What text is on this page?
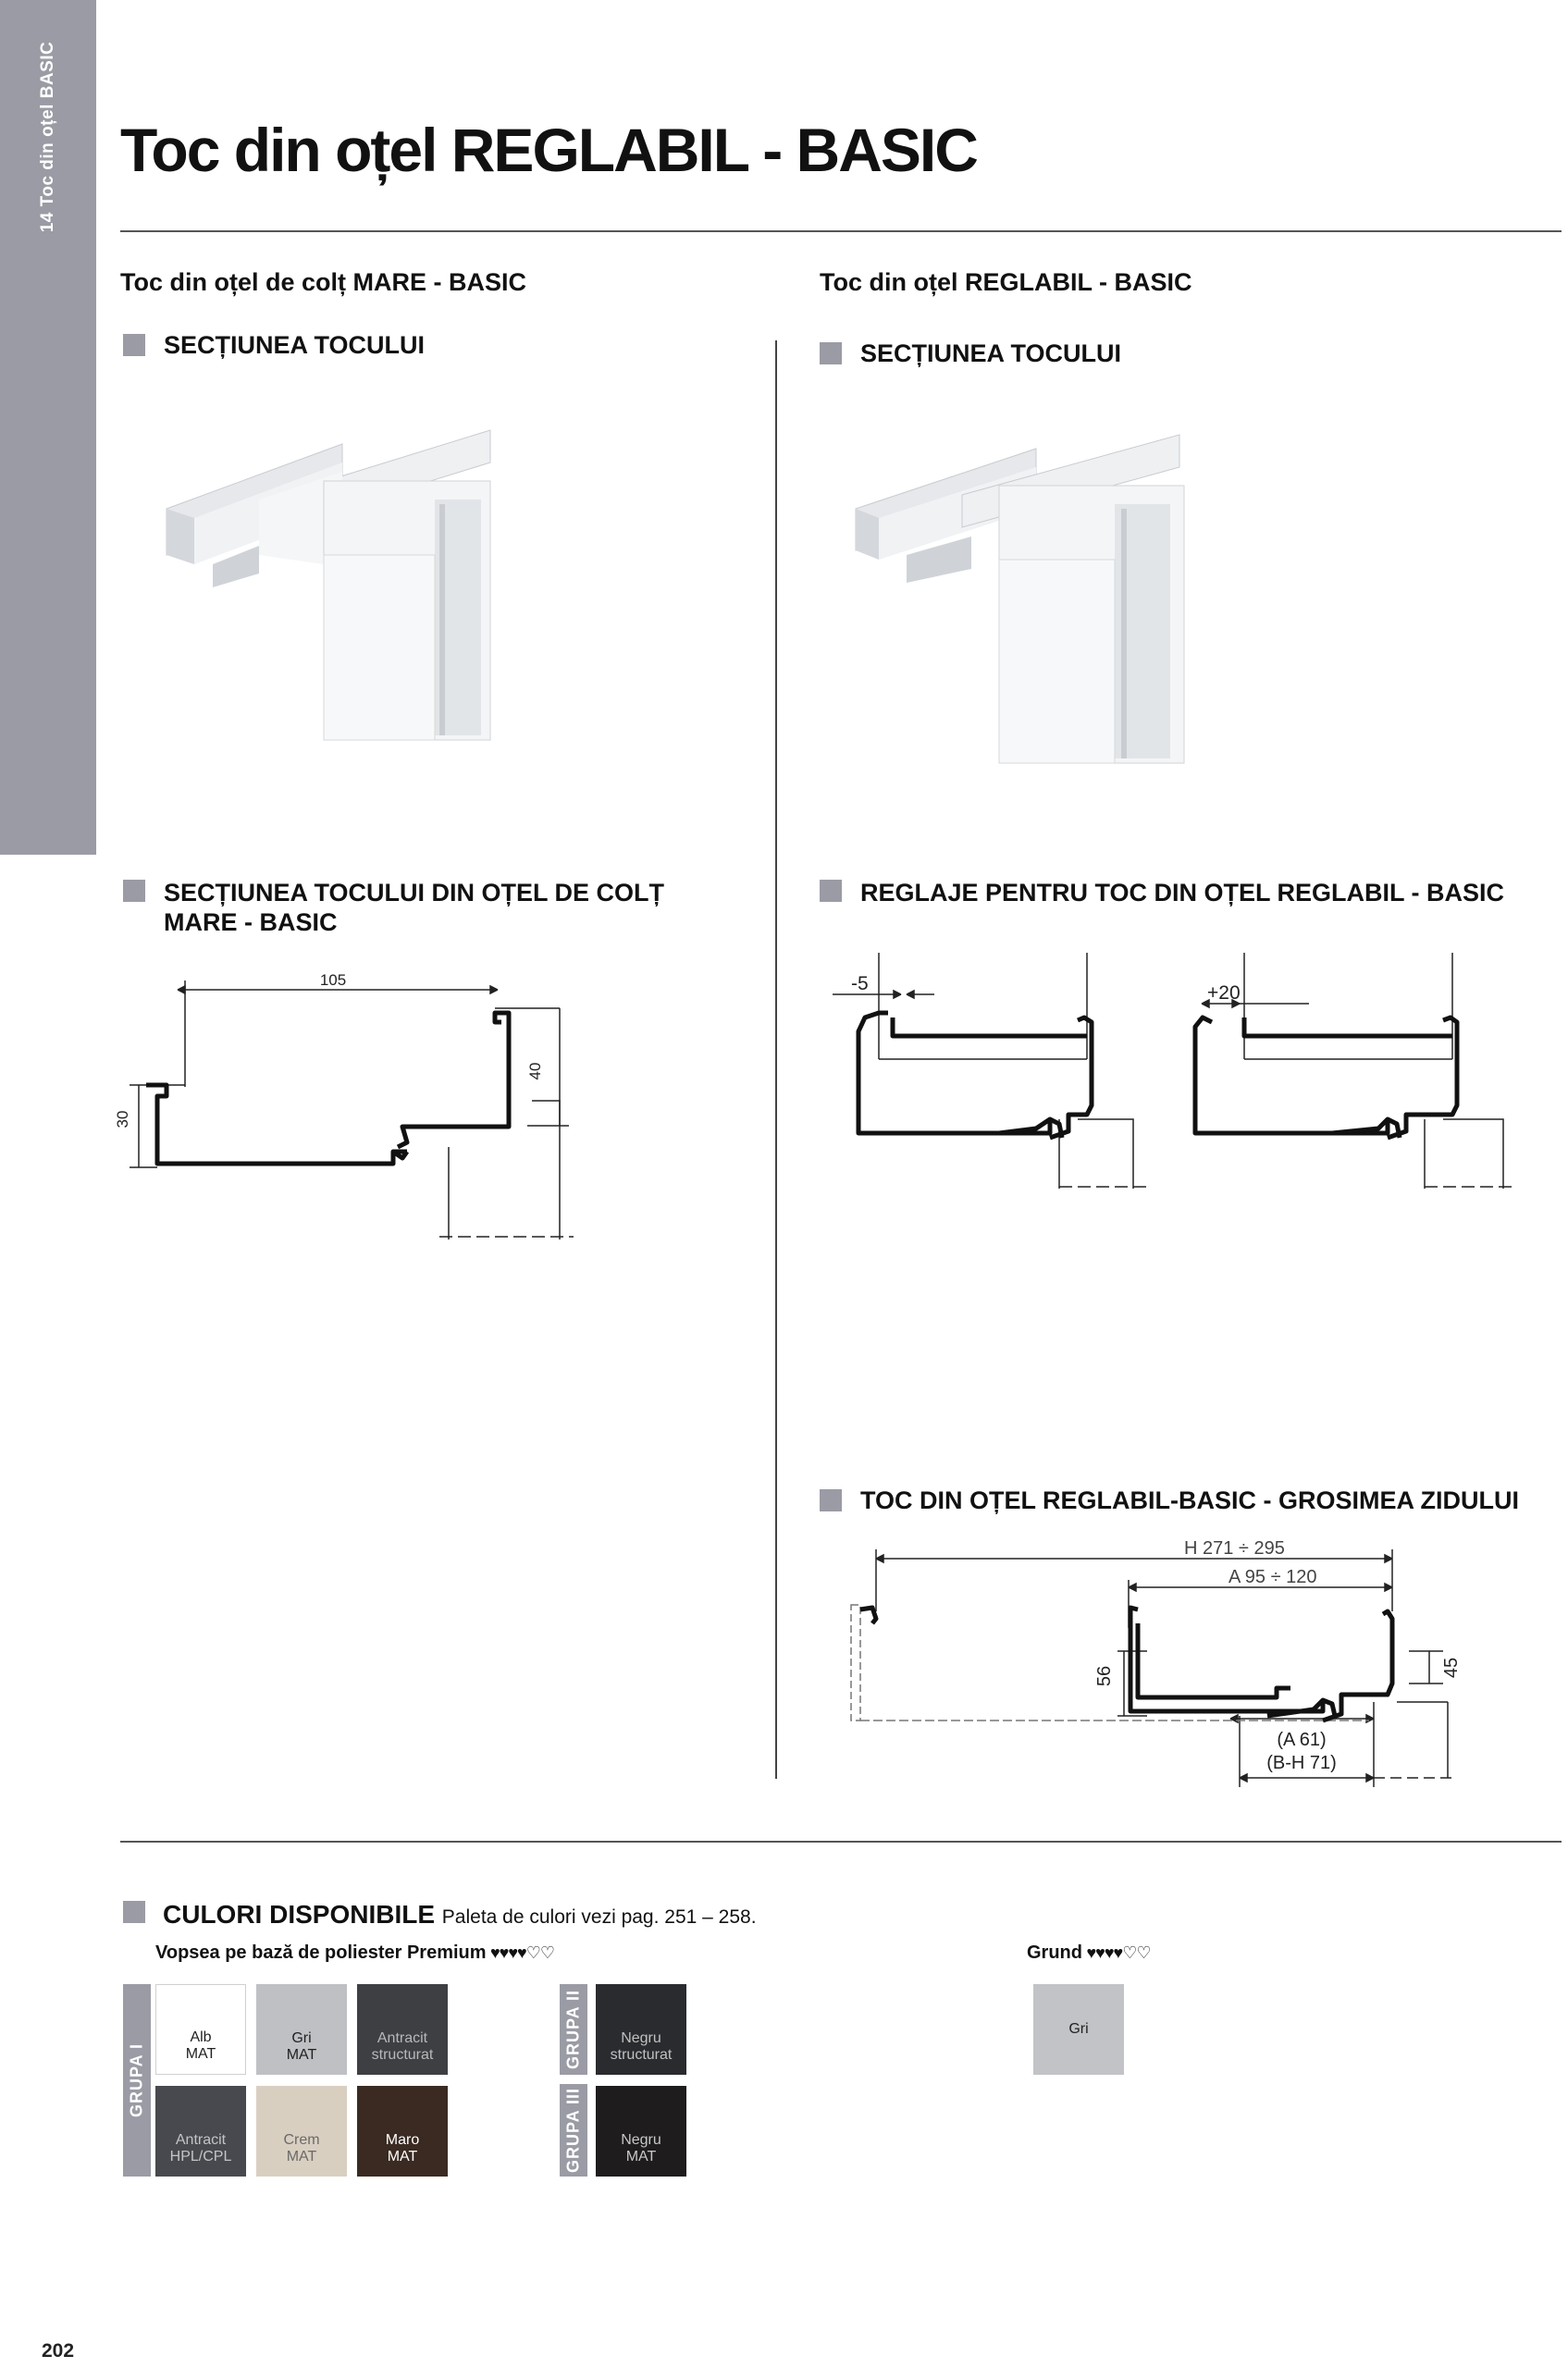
14 Toc din oțel BASIC Toc din oțel REGLABIL - BASIC
Toc din oțel de colț MARE - BASIC
SECȚIUNEA TOCULUI
Toc din oțel REGLABIL - BASIC
SECȚIUNEA TOCULUI
SECȚIUNEA TOCULUI DIN OȚEL DE COLȚ
MARE - BASIC
105
40
30
REGLAJE PENTRU TOC DIN OȚEL REGLABIL - BASIC
-5	+20
TOC DIN OȚEL REGLABIL-BASIC - GROSIMEA ZIDULUI
H 271 ÷ 295
A 95 ÷ 120
56	45
(A 61)
(B-H 71)
CULORI DISPONIBILE Paleta de culori vezi pag. 251 – 258.
Vopsea pe bază de poliester Premium ♥♥♥♥♡♡	Grund ♥♥♥♥♡♡
GRUPA I
GRUPA II
GRUPA III
Alb
MAT
Gri
MAT
Antracit
structurat
Antracit
HPL/CPL
Crem
MAT
Maro
MAT
Negru
structurat
Negru
MAT
Gri
202
